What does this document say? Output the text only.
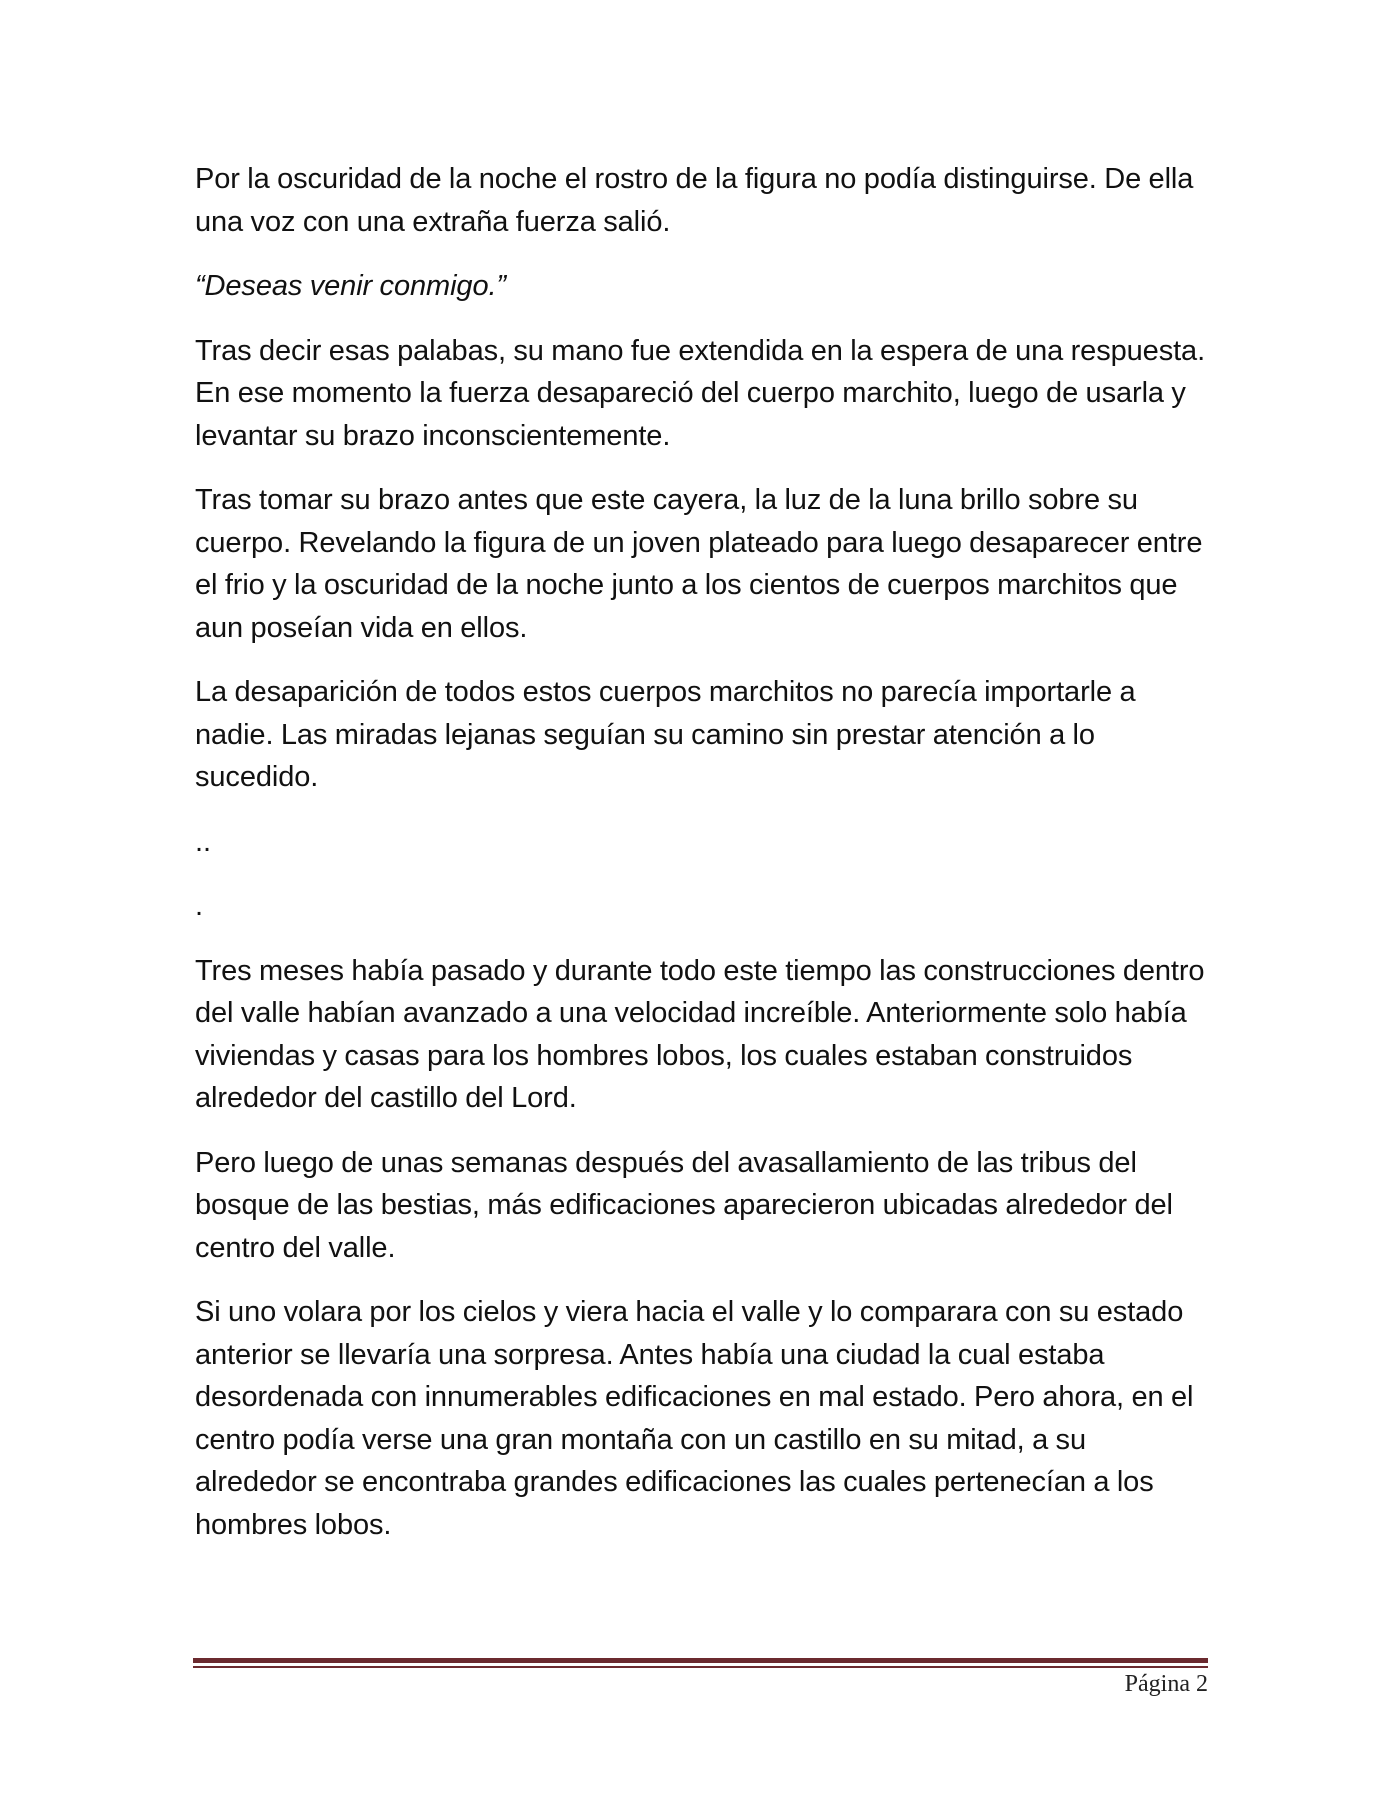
Por la oscuridad de la noche el rostro de la figura no podía distinguirse. De ella una voz con una extraña fuerza salió.

“Deseas venir conmigo.”

Tras decir esas palabas, su mano fue extendida en la espera de una respuesta. En ese momento la fuerza desapareció del cuerpo marchito, luego de usarla y levantar su brazo inconscientemente.

Tras tomar su brazo antes que este cayera, la luz de la luna brillo sobre su cuerpo. Revelando la figura de un joven plateado para luego desaparecer entre el frio y la oscuridad de la noche junto a los cientos de cuerpos marchitos que aun poseían vida en ellos.

La desaparición de todos estos cuerpos marchitos no parecía importarle a nadie. Las miradas lejanas seguían su camino sin prestar atención a lo sucedido.

..

.

Tres meses había pasado y durante todo este tiempo las construcciones dentro del valle habían avanzado a una velocidad increíble. Anteriormente solo había viviendas y casas para los hombres lobos, los cuales estaban construidos alrededor del castillo del Lord.

Pero luego de unas semanas después del avasallamiento de las tribus del bosque de las bestias, más edificaciones aparecieron ubicadas alrededor del centro del valle.

Si uno volara por los cielos y viera hacia el valle y lo comparara con su estado anterior se llevaría una sorpresa. Antes había una ciudad la cual estaba desordenada con innumerables edificaciones en mal estado. Pero ahora, en el centro podía verse una gran montaña con un castillo en su mitad, a su alrededor se encontraba grandes edificaciones las cuales pertenecían a los hombres lobos.

Página 2
